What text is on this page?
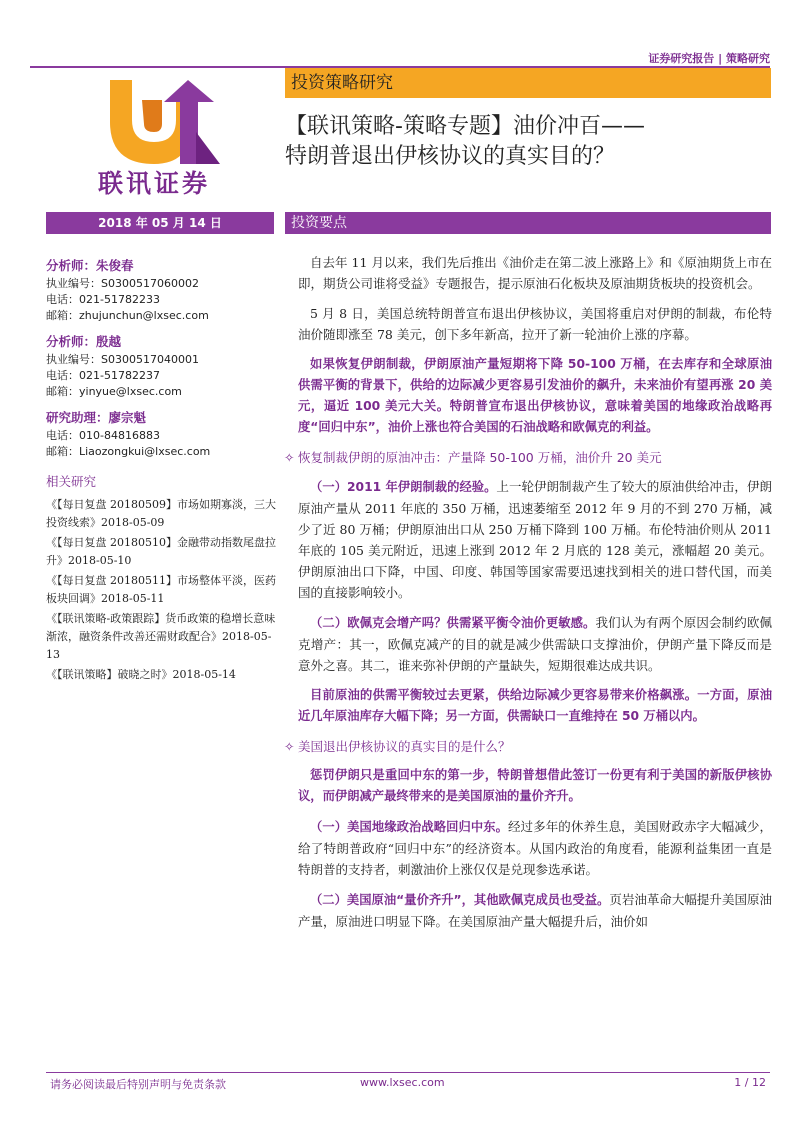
证券研究报告 | 策略研究
联讯证券
投资策略研究
【联讯策略-策略专题】油价冲百——
特朗普退出伊核协议的真实目的？
2018 年 05 月 14 日	投资要点
分析师：朱俊春
执业编号：S0300517060002
电话：021-51782233
邮箱：zhujunchun@lxsec.com
分析师：殷越
执业编号：S0300517040001
电话：021-51782237
邮箱：yinyue@lxsec.com
研究助理：廖宗魁
电话：010-84816883
邮箱：Liaozongkui@lxsec.com
相关研究
《【每日复盘 20180509】市场如期寡淡，三大投资线索》2018-05-09
《【每日复盘 20180510】金融带动指数尾盘拉升》2018-05-10
《【每日复盘 20180511】市场整体平淡，医药板块回调》2018-05-11
《【联讯策略-政策跟踪】货币政策的稳增长意味渐浓，融资条件改善还需财政配合》2018-05-13
《【联讯策略】破晓之时》2018-05-14

自去年 11 月以来，我们先后推出《油价走在第二波上涨路上》和《原油期货上市在即，期货公司谁将受益》专题报告，提示原油石化板块及原油期货板块的投资机会。

5 月 8 日，美国总统特朗普宣布退出伊核协议，美国将重启对伊朗的制裁，布伦特油价随即涨至 78 美元，创下多年新高，拉开了新一轮油价上涨的序幕。

如果恢复伊朗制裁，伊朗原油产量短期将下降 50-100 万桶，在去库存和全球原油供需平衡的背景下，供给的边际减少更容易引发油价的飙升，未来油价有望再涨 20 美元，逼近 100 美元大关。特朗普宣布退出伊核协议，意味着美国的地缘政治战略再度“回归中东”，油价上涨也符合美国的石油战略和欧佩克的利益。

✧ 恢复制裁伊朗的原油冲击：产量降 50-100 万桶，油价升 20 美元

（一）2011 年伊朗制裁的经验。上一轮伊朗制裁产生了较大的原油供给冲击，伊朗原油产量从 2011 年底的 350 万桶，迅速萎缩至 2012 年 9 月的不到 270 万桶，减少了近 80 万桶；伊朗原油出口从 250 万桶下降到 100 万桶。布伦特油价则从 2011 年底的 105 美元附近，迅速上涨到 2012 年 2 月底的 128 美元，涨幅超 20 美元。伊朗原油出口下降，中国、印度、韩国等国家需要迅速找到相关的进口替代国，而美国的直接影响较小。

（二）欧佩克会增产吗？供需紧平衡令油价更敏感。我们认为有两个原因会制约欧佩克增产：其一，欧佩克减产的目的就是减少供需缺口支撑油价，伊朗产量下降反而是意外之喜。其二，谁来弥补伊朗的产量缺失，短期很难达成共识。

目前原油的供需平衡较过去更紧，供给边际减少更容易带来价格飙涨。一方面，原油近几年原油库存大幅下降；另一方面，供需缺口一直维持在 50 万桶以内。

✧ 美国退出伊核协议的真实目的是什么？

惩罚伊朗只是重回中东的第一步，特朗普想借此签订一份更有利于美国的新版伊核协议，而伊朗减产最终带来的是美国原油的量价齐升。

（一）美国地缘政治战略回归中东。经过多年的休养生息，美国财政赤字大幅减少，给了特朗普政府“回归中东”的经济资本。从国内政治的角度看，能源利益集团一直是特朗普的支持者，刺激油价上涨仅仅是兑现参选承诺。

（二）美国原油“量价齐升”，其他欧佩克成员也受益。页岩油革命大幅提升美国原油产量，原油进口明显下降。在美国原油产量大幅提升后，油价如

请务必阅读最后特别声明与免责条款	www.lxsec.com	1 / 12
